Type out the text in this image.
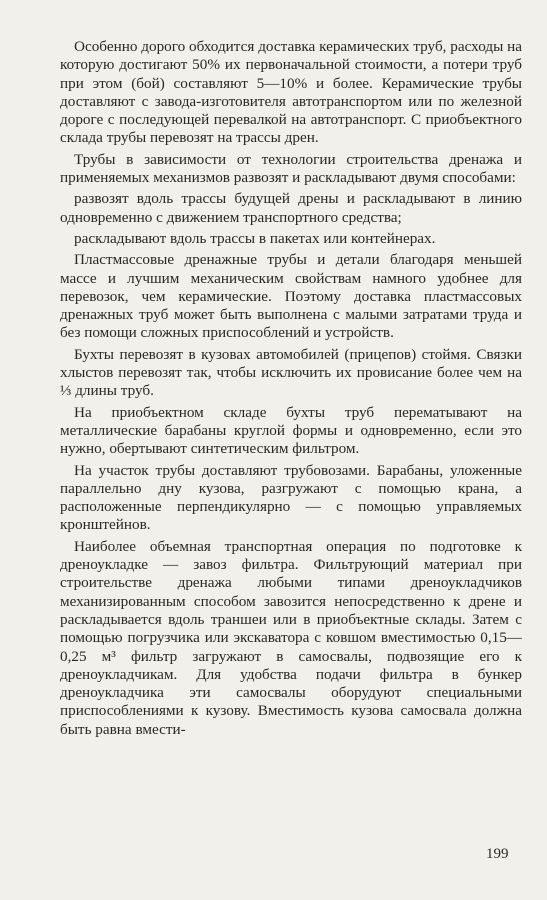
Особенно дорого обходится доставка керамических труб, расходы на которую достигают 50% их первоначальной стоимости, а потери труб при этом (бой) составляют 5—10% и более. Керамические трубы доставляют с завода-изготовителя автотранспортом или по железной дороге с последующей перевалкой на автотранспорт. С приобъектного склада трубы перевозят на трассы дрен.

Трубы в зависимости от технологии строительства дренажа и применяемых механизмов развозят и раскладывают двумя способами:

развозят вдоль трассы будущей дрены и раскладывают в линию одновременно с движением транспортного средства;

раскладывают вдоль трассы в пакетах или контейнерах.

Пластмассовые дренажные трубы и детали благодаря меньшей массе и лучшим механическим свойствам намного удобнее для перевозок, чем керамические. Поэтому доставка пластмассовых дренажных труб может быть выполнена с малыми затратами труда и без помощи сложных приспособлений и устройств.

Бухты перевозят в кузовах автомобилей (прицепов) стоймя. Связки хлыстов перевозят так, чтобы исключить их провисание более чем на ⅓ длины труб.

На приобъектном складе бухты труб перематывают на металлические барабаны круглой формы и одновременно, если это нужно, обертывают синтетическим фильтром.

На участок трубы доставляют трубовозами. Барабаны, уложенные параллельно дну кузова, разгружают с помощью крана, а расположенные перпендикулярно — с помощью управляемых кронштейнов.

Наиболее объемная транспортная операция по подготовке к дреноукладке — завоз фильтра. Фильтрующий материал при строительстве дренажа любыми типами дреноукладчиков механизированным способом завозится непосредственно к дрене и раскладывается вдоль траншеи или в приобъектные склады. Затем с помощью погрузчика или экскаватора с ковшом вместимостью 0,15—0,25 м³ фильтр загружают в самосвалы, подвозящие его к дреноукладчикам. Для удобства подачи фильтра в бункер дреноукладчика эти самосвалы оборудуют специальными приспособлениями к кузову. Вместимость кузова самосвала должна быть равна вмести-

199
